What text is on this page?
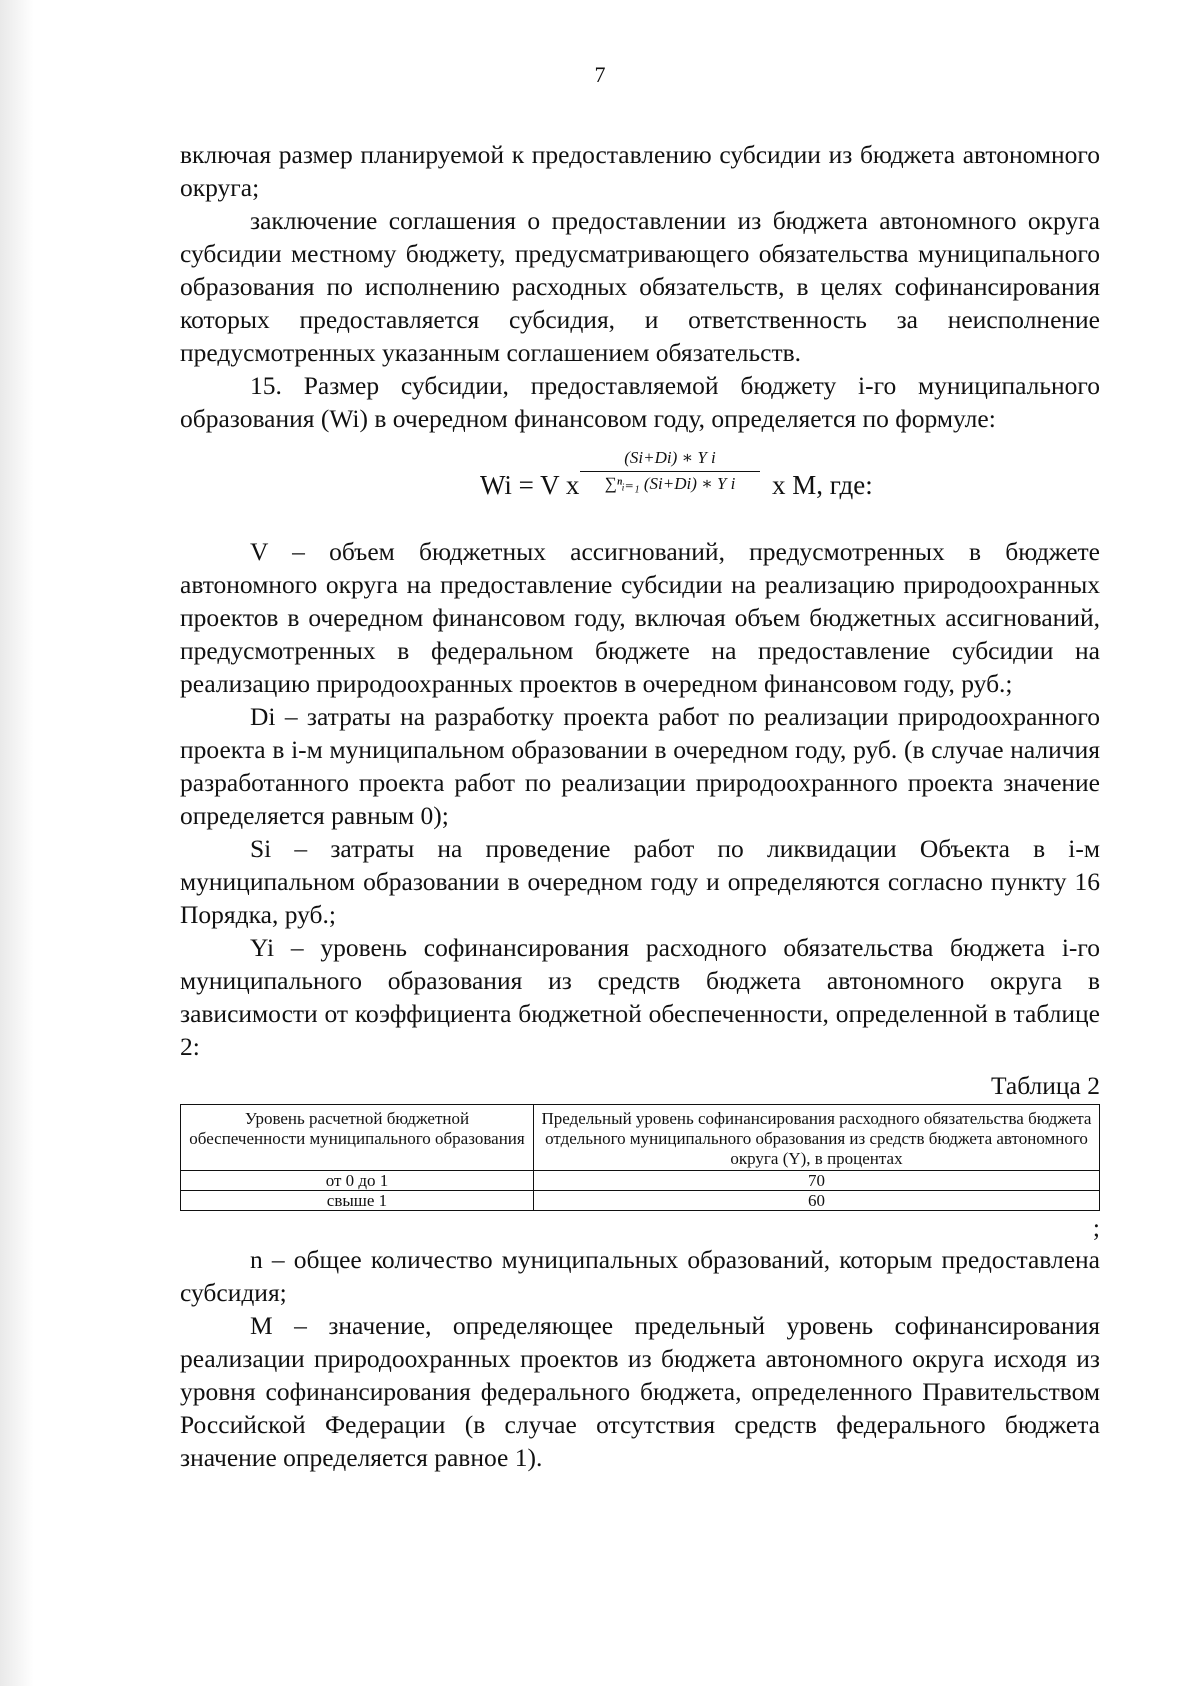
7

включая размер планируемой к предоставлению субсидии из бюджета автономного округа;

заключение соглашения о предоставлении из бюджета автономного округа субсидии местному бюджету, предусматривающего обязательства муниципального образования по исполнению расходных обязательств, в целях софинансирования которых предоставляется субсидия, и ответственность за неисполнение предусмотренных указанным соглашением обязательств.

15. Размер субсидии, предоставляемой бюджету i-го муниципального образования (Wi) в очередном финансовом году, определяется по формуле:

Wi = V x
(Si+Di) ∗ Y i
∑ⁿᵢ₌₁ (Si+Di) ∗ Y i	x M, где:

V – объем бюджетных ассигнований, предусмотренных в бюджете автономного округа на предоставление субсидии на реализацию природоохранных проектов в очередном финансовом году, включая объем бюджетных ассигнований, предусмотренных в федеральном бюджете на предоставление субсидии на реализацию природоохранных проектов в очередном финансовом году, руб.;

Di – затраты на разработку проекта работ по реализации природоохранного проекта в i-м муниципальном образовании в очередном году, руб. (в случае наличия разработанного проекта работ по реализации природоохранного проекта значение определяется равным 0);

Si – затраты на проведение работ по ликвидации Объекта в i-м муниципальном образовании в очередном году и определяются согласно пункту 16 Порядка, руб.;

Yi – уровень софинансирования расходного обязательства бюджета i-го муниципального образования из средств бюджета автономного округа в зависимости от коэффициента бюджетной обеспеченности, определенной в таблице 2:

Таблица 2
Уровень расчетной бюджетной обеспеченности муниципального образования	Предельный уровень софинансирования расходного обязательства бюджета отдельного муниципального образования из средств бюджета автономного округа (Y), в процентах
от 0 до 1	70
свыше 1	60
;

n – общее количество муниципальных образований, которым предоставлена субсидия;

M – значение, определяющее предельный уровень софинансирования реализации природоохранных проектов из бюджета автономного округа исходя из уровня софинансирования федерального бюджета, определенного Правительством Российской Федерации (в случае отсутствия средств федерального бюджета значение определяется равное 1).
